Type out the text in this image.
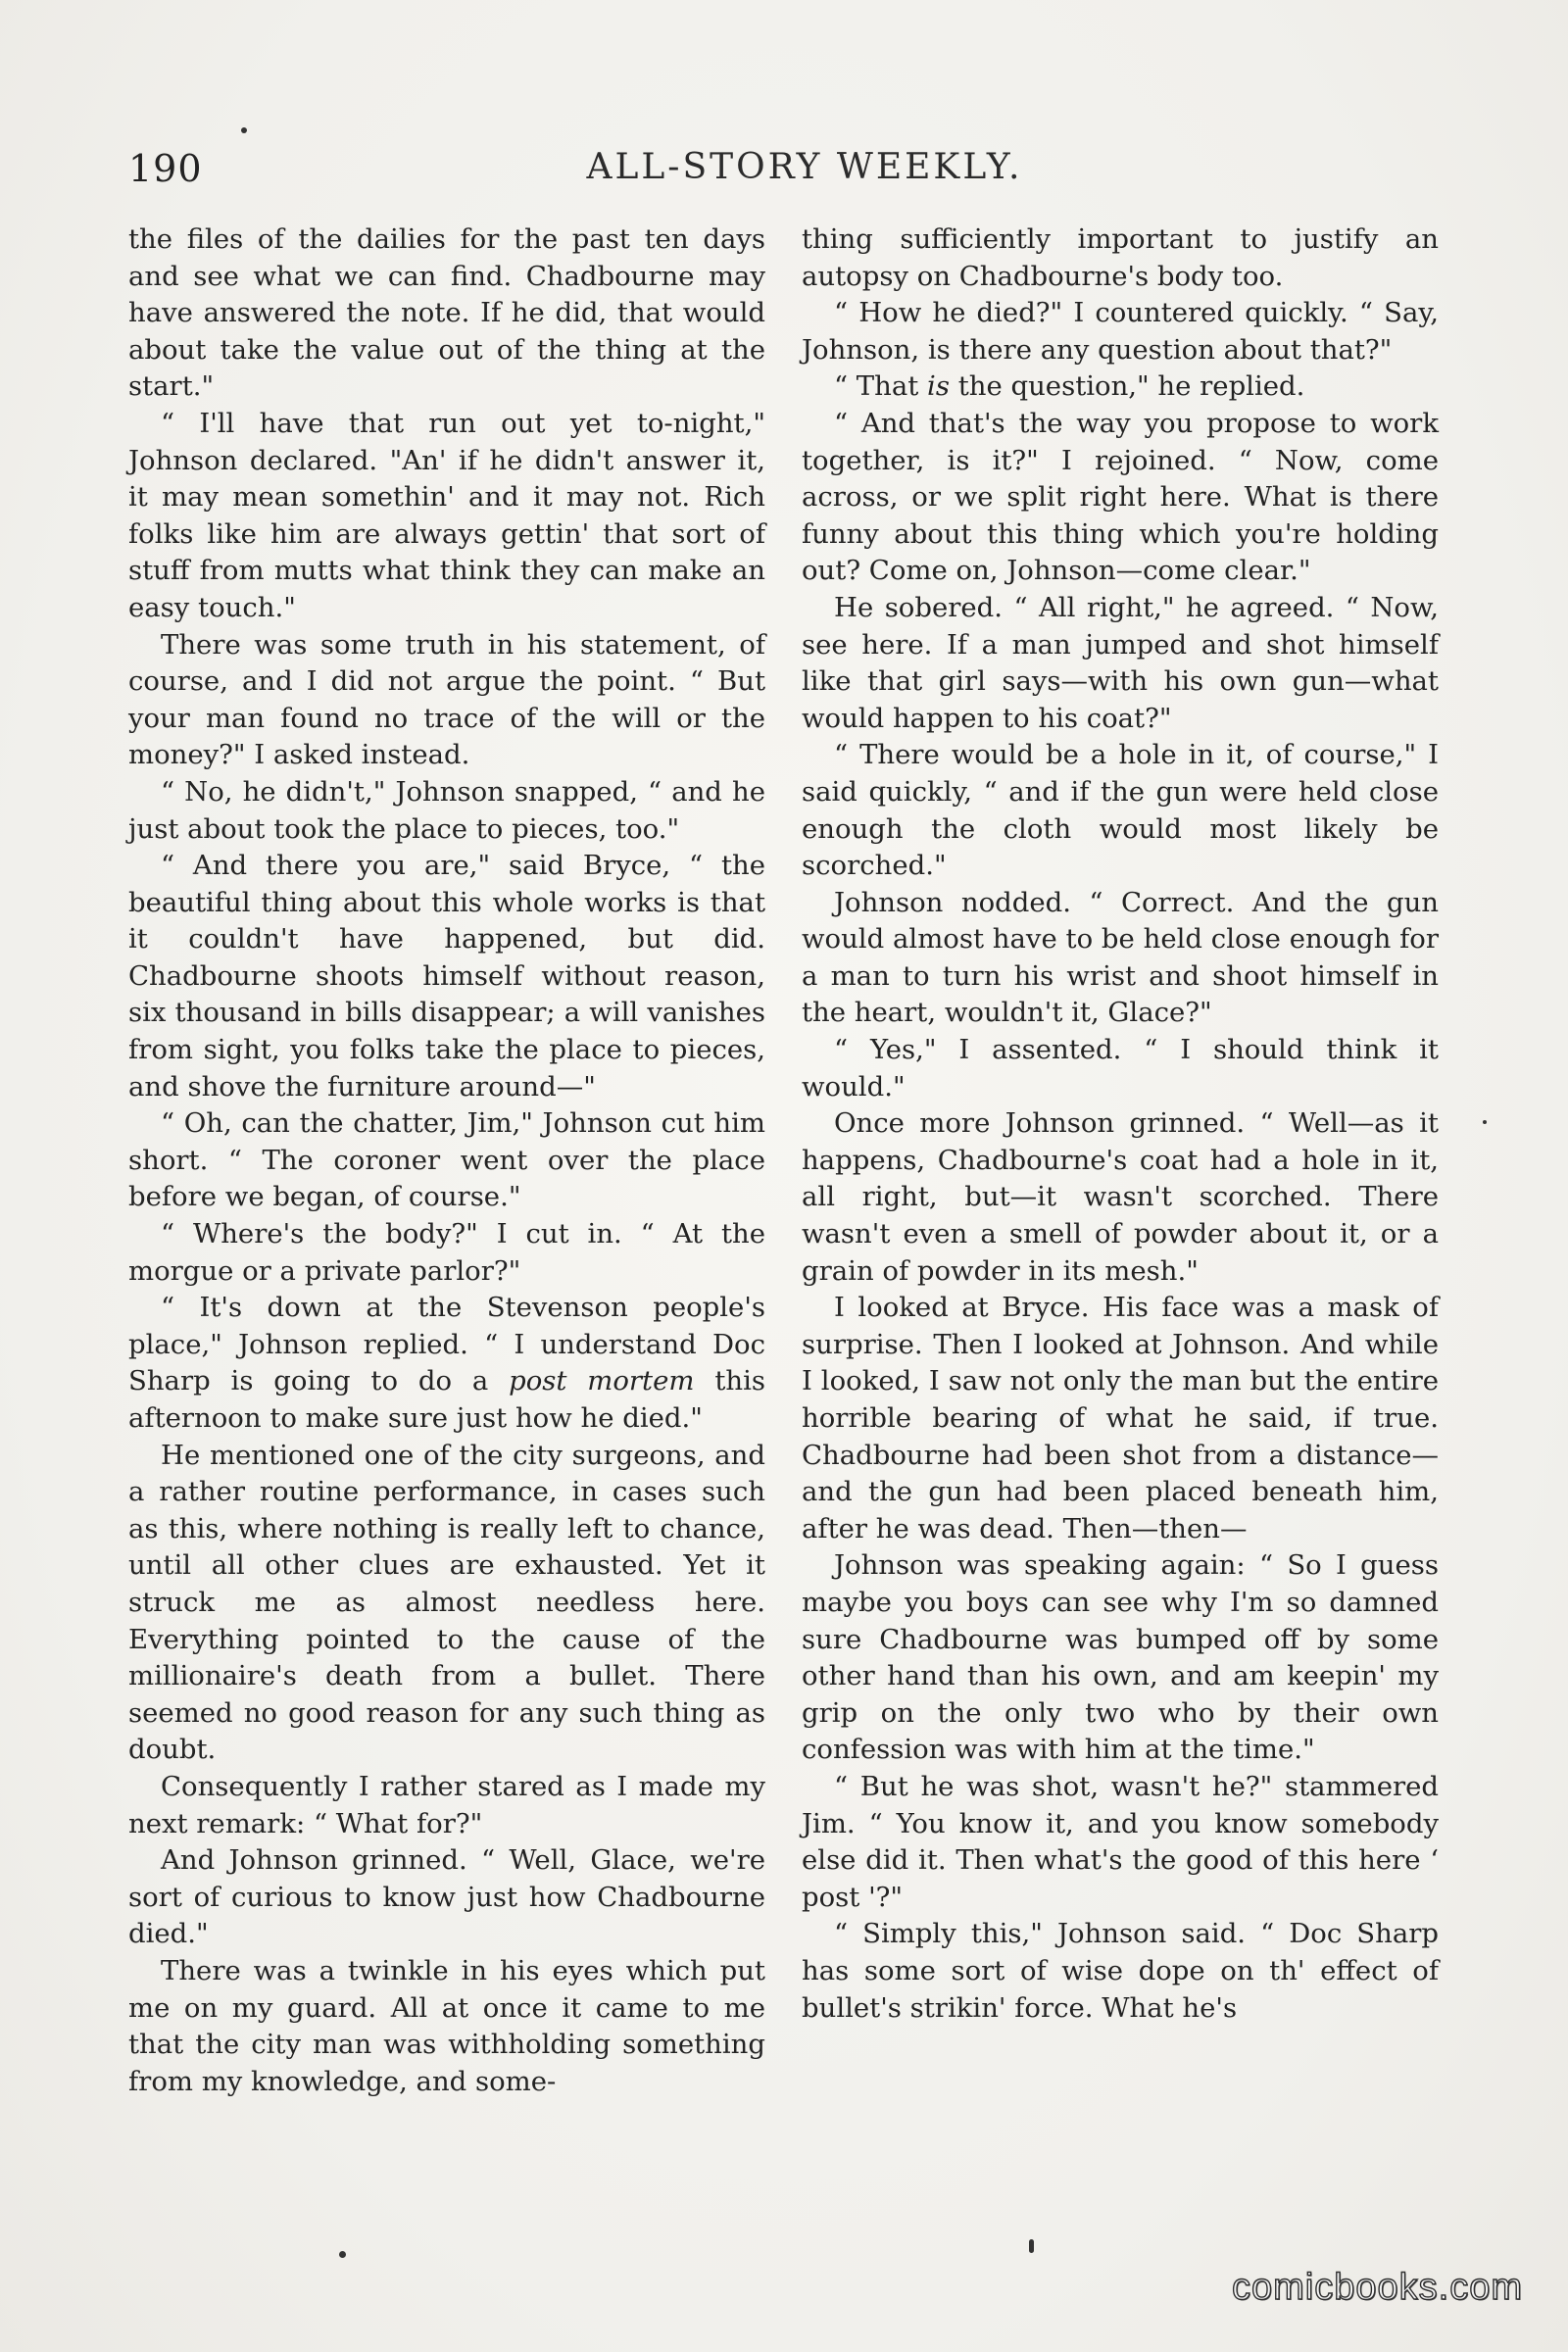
190	ALL-STORY WEEKLY.

the files of the dailies for the past ten days and see what we can find. Chadbourne may have answered the note. If he did, that would about take the value out of the thing at the start."

“ I'll have that run out yet to-night," Johnson declared. "An' if he didn't answer it, it may mean somethin' and it may not. Rich folks like him are always gettin' that sort of stuff from mutts what think they can make an easy touch."

There was some truth in his statement, of course, and I did not argue the point. “ But your man found no trace of the will or the money?" I asked instead.

“ No, he didn't," Johnson snapped, “ and he just about took the place to pieces, too."

“ And there you are," said Bryce, “ the beautiful thing about this whole works is that it couldn't have happened, but did. Chadbourne shoots himself without reason, six thousand in bills disappear; a will vanishes from sight, you folks take the place to pieces, and shove the furniture around—"

“ Oh, can the chatter, Jim," Johnson cut him short. “ The coroner went over the place before we began, of course."

“ Where's the body?" I cut in. “ At the morgue or a private parlor?"

“ It's down at the Stevenson people's place," Johnson replied. “ I understand Doc Sharp is going to do a post mortem this afternoon to make sure just how he died."

He mentioned one of the city surgeons, and a rather routine performance, in cases such as this, where nothing is really left to chance, until all other clues are exhausted. Yet it struck me as almost needless here. Everything pointed to the cause of the millionaire's death from a bullet. There seemed no good reason for any such thing as doubt.

Consequently I rather stared as I made my next remark: “ What for?"

And Johnson grinned. “ Well, Glace, we're sort of curious to know just how Chadbourne died."

There was a twinkle in his eyes which put me on my guard. All at once it came to me that the city man was withholding something from my knowledge, and some-

thing sufficiently important to justify an autopsy on Chadbourne's body too.

“ How he died?" I countered quickly. “ Say, Johnson, is there any question about that?"

“ That is the question," he replied.

“ And that's the way you propose to work together, is it?" I rejoined. “ Now, come across, or we split right here. What is there funny about this thing which you're holding out? Come on, Johnson—come clear."

He sobered. “ All right," he agreed. “ Now, see here. If a man jumped and shot himself like that girl says—with his own gun—what would happen to his coat?"

“ There would be a hole in it, of course," I said quickly, “ and if the gun were held close enough the cloth would most likely be scorched."

Johnson nodded. “ Correct. And the gun would almost have to be held close enough for a man to turn his wrist and shoot himself in the heart, wouldn't it, Glace?"

“ Yes," I assented. “ I should think it would."

Once more Johnson grinned. “ Well—as it happens, Chadbourne's coat had a hole in it, all right, but—it wasn't scorched. There wasn't even a smell of powder about it, or a grain of powder in its mesh."

I looked at Bryce. His face was a mask of surprise. Then I looked at Johnson. And while I looked, I saw not only the man but the entire horrible bearing of what he said, if true. Chadbourne had been shot from a distance—and the gun had been placed beneath him, after he was dead. Then—then—

Johnson was speaking again: “ So I guess maybe you boys can see why I'm so damned sure Chadbourne was bumped off by some other hand than his own, and am keepin' my grip on the only two who by their own confession was with him at the time."

“ But he was shot, wasn't he?" stammered Jim. “ You know it, and you know somebody else did it. Then what's the good of this here ‘ post '?"

“ Simply this," Johnson said. “ Doc Sharp has some sort of wise dope on th' effect of bullet's strikin' force. What he's

comicbooks.com
